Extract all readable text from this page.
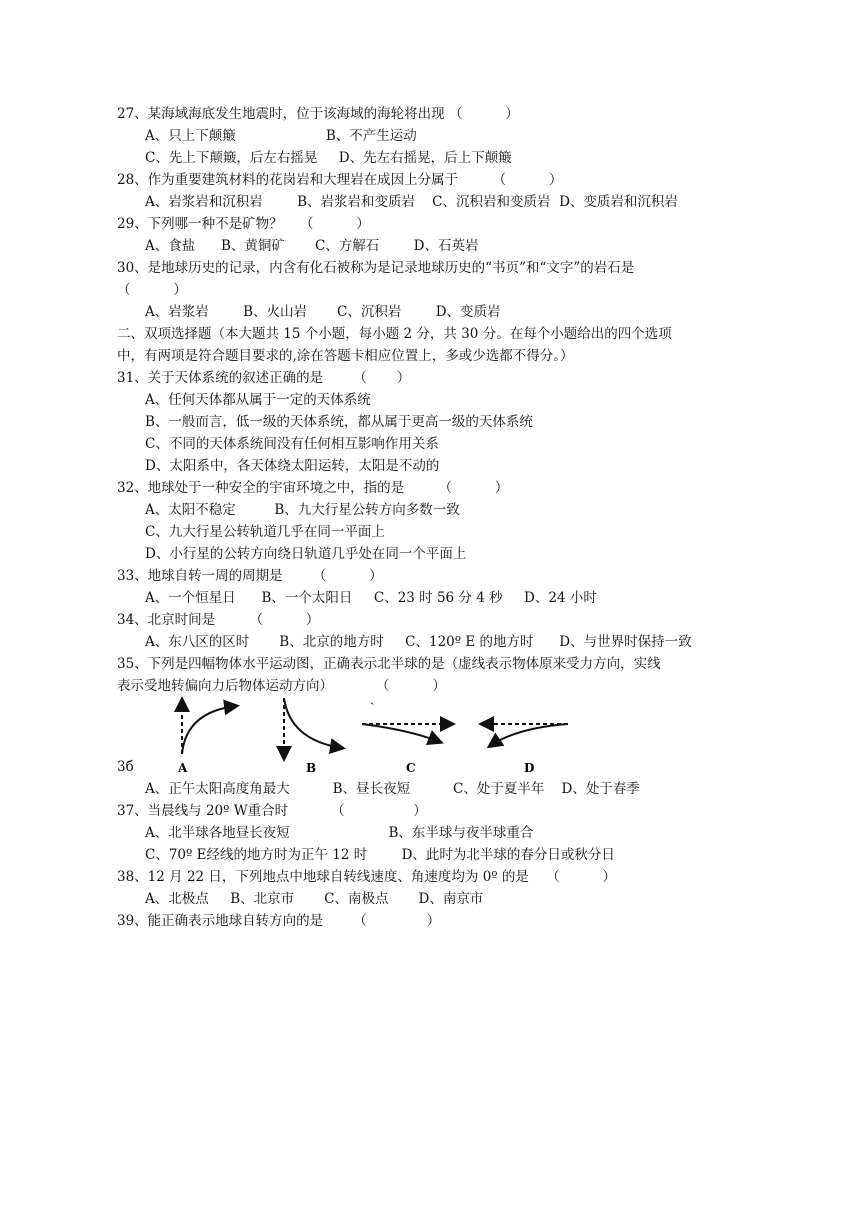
27、某海域海底发生地震时，位于该海域的海轮将出现 （          ）
A、只上下颠簸                     B、不产生运动
C、先上下颠簸，后左右摇晃     D、先左右摇晃，后上下颠簸
28、作为重要建筑材料的花岗岩和大理岩在成因上分属于        （          ）
A、岩浆岩和沉积岩        B、岩浆岩和变质岩    C、沉积岩和变质岩  D、变质岩和沉积岩
29、下列哪一种不是矿物？    （          ）
A、食盐      B、黄铜矿       C、方解石        D、石英岩
30、是地球历史的记录，内含有化石被称为是记录地球历史的“书页”和“文字”的岩石是
（          ）
A、岩浆岩        B、火山岩       C、沉积岩        D、变质岩
二、双项选择题（本大题共 15 个小题，每小题 2 分，共 30 分。在每个小题给出的四个选项
中，有两项是符合题目要求的,涂在答题卡相应位置上，多或少选都不得分。）
31、关于天体系统的叙述正确的是       （       ）
A、任何天体都从属于一定的天体系统
B、一般而言，低一级的天体系统，都从属于更高一级的天体系统
C、不同的天体系统间没有任何相互影响作用关系
D、太阳系中，各天体绕太阳运转，太阳是不动的
32、地球处于一种安全的宇宙环境之中，指的是        （          ）
A、太阳不稳定         B、九大行星公转方向多数一致
C、九大行星公转轨道几乎在同一平面上
D、小行星的公转方向绕日轨道几乎处在同一个平面上
33、地球自转一周的周期是       （          ）
A、一个恒星日      B、一个太阳日     C、23 时 56 分 4 秒     D、24 小时
34、北京时间是        （          ）
A、东八区的区时       B、北京的地方时     C、120º E 的地方时      D、与世界时保持一致
35、下列是四幅物体水平运动图，正确表示北半球的是（虚线表示物体原来受力方向，实线
表示受地转偏向力后物体运动方向）          （          ）
A	B
ˎ
C	D
3б
A、正午太阳高度角最大          B、昼长夜短          C、处于夏半年    D、处于春季
37、当晨线与 20º W重合时          （                ）
A、北半球各地昼长夜短                       B、东半球与夜半球重合
C、70º E经线的地方时为正午 12 时        D、此时为北半球的春分日或秋分日
38、12 月 22 日，下列地点中地球自转线速度、角速度均为 0º 的是    （          ）
A、北极点     B、北京市       C、南极点       D、南京市
39、能正确表示地球自转方向的是       （              ）
